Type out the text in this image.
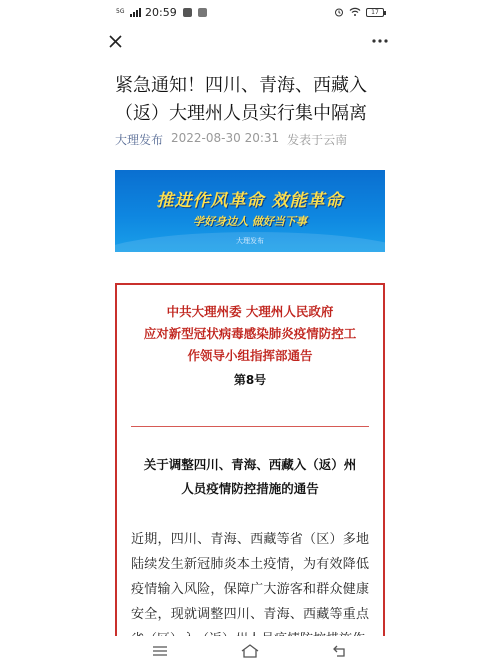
5G 20:59	17
紧急通知！四川、青海、西藏入（返）大理州人员实行集中隔离
大理发布 2022-08-30 20:31 发表于云南
推进作风革命 效能革命
学好身边人 做好当下事
大理发布
中共大理州委 大理州人民政府
应对新型冠状病毒感染肺炎疫情防控工
作领导小组指挥部通告
第8号
关于调整四川、青海、西藏入（返）州
人员疫情防控措施的通告

近期，四川、青海、西藏等省（区）多地陆续发生新冠肺炎本土疫情，为有效降低疫情输入风险，保障广大游客和群众健康安全，现就调整四川、青海、西藏等重点
